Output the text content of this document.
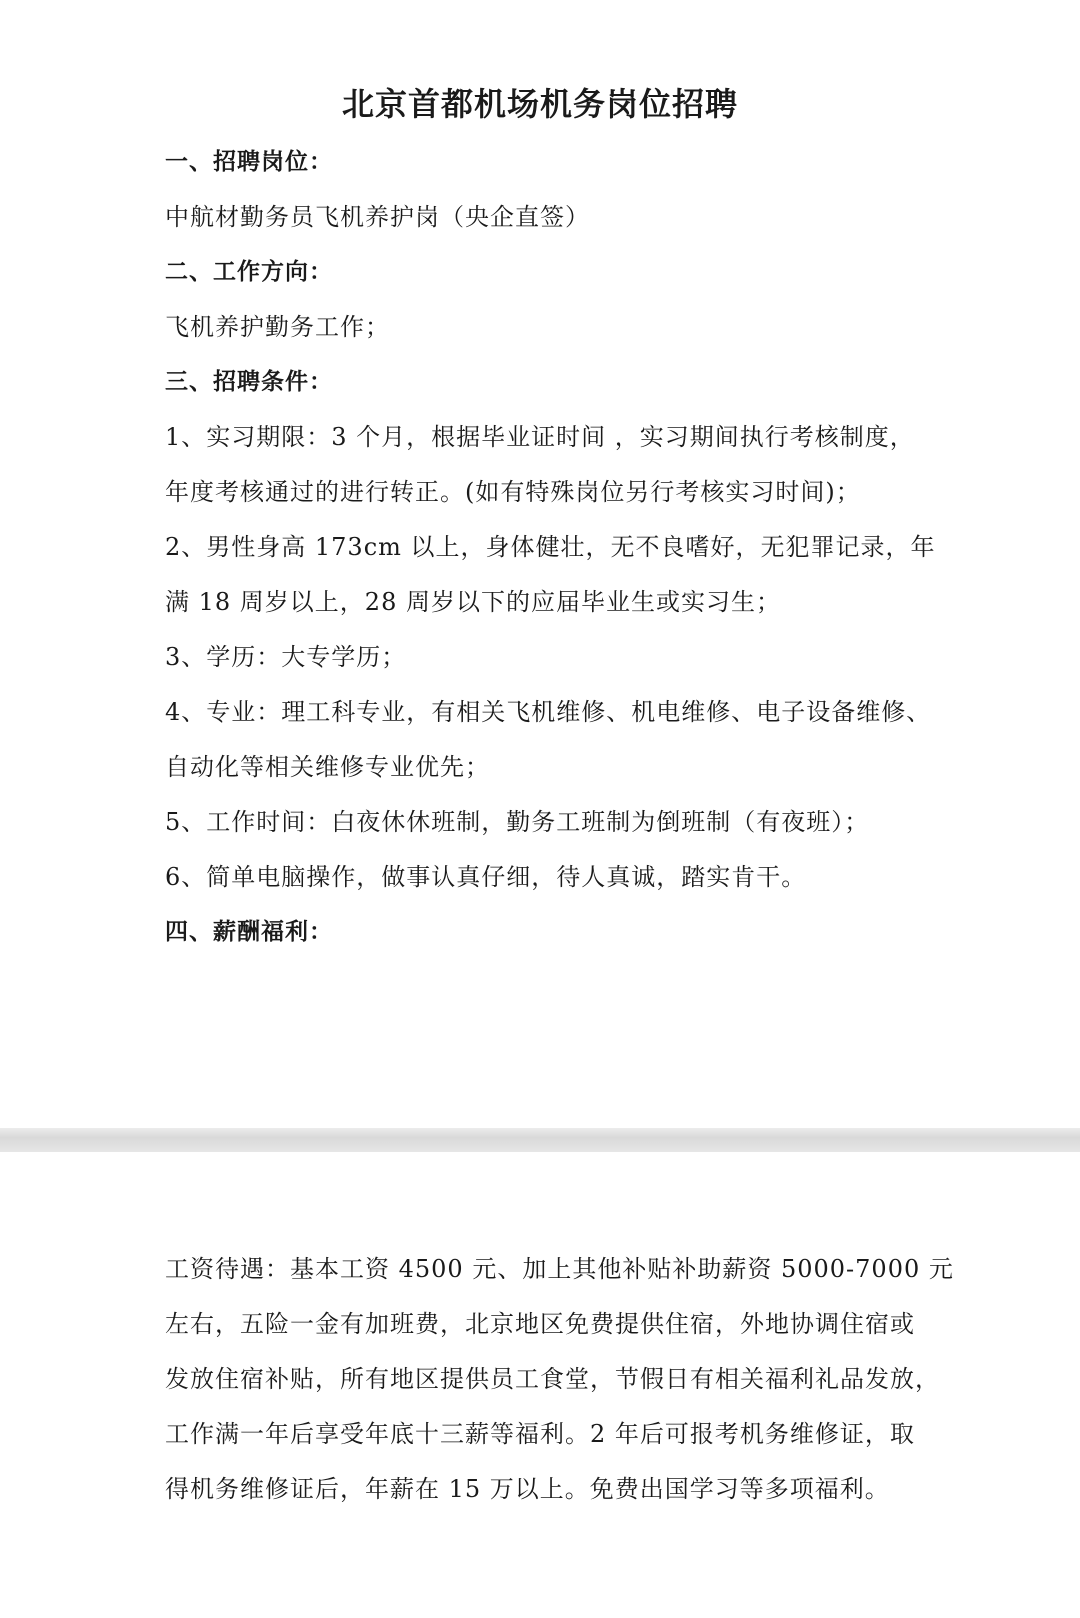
北京首都机场机务岗位招聘

一、招聘岗位：

中航材勤务员飞机养护岗（央企直签）

二、工作方向：

飞机养护勤务工作；

三、招聘条件：

1、实习期限：3 个月，根据毕业证时间 ，实习期间执行考核制度，

年度考核通过的进行转正。(如有特殊岗位另行考核实习时间)；

2、男性身高 173cm 以上，身体健壮，无不良嗜好，无犯罪记录，年

满 18 周岁以上，28 周岁以下的应届毕业生或实习生；

3、学历：大专学历；

4、专业：理工科专业，有相关飞机维修、机电维修、电子设备维修、

自动化等相关维修专业优先；

5、工作时间：白夜休休班制，勤务工班制为倒班制（有夜班）；

6、简单电脑操作，做事认真仔细，待人真诚，踏实肯干。

四、薪酬福利：

工资待遇：基本工资 4500 元、加上其他补贴补助薪资 5000-7000 元

左右，五险一金有加班费，北京地区免费提供住宿，外地协调住宿或

发放住宿补贴，所有地区提供员工食堂，节假日有相关福利礼品发放，

工作满一年后享受年底十三薪等福利。2 年后可报考机务维修证，取

得机务维修证后，年薪在 15 万以上。免费出国学习等多项福利。
